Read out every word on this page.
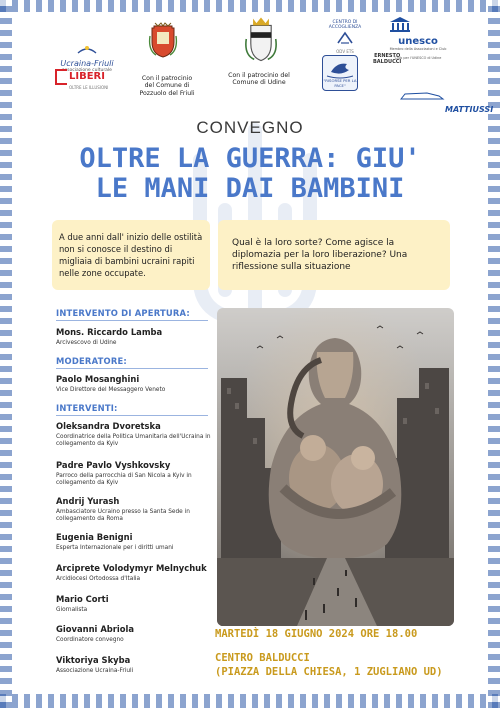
Ucraina-Friuli
associazione culturale
LIBERI
OLTRE LE ILLUSIONI
Con il patrocinio del Comune di Pozzuolo del Friuli
Con il patrocinio del Comune di Udine
CENTRO DI ACCOGLIENZA
ERNESTO BALDUCCI
ODV ETS
"RISORSE PER LA PACE"
unesco
Membro della Associazioni e Club
Club per l'UNESCO di Udine
MATTIUSSI
CONVEGNO
OLTRE LA GUERRA: GIU'
LE MANI DAI BAMBINI
A due anni dall' inizio delle ostilità non si conosce il destino di migliaia di bambini ucraini rapiti nelle zone occupate.
Qual è la loro sorte? Come agisce la diplomazia per la loro liberazione? Una riflessione sulla situazione
INTERVENTO DI APERTURA:
Mons. Riccardo Lamba
Arcivescovo di Udine
MODERATORE:
Paolo Mosanghini
Vice Direttore del Messaggero Veneto
INTERVENTI:
Oleksandra Dvoretska
Coordinatrice della Politica Umanitaria dell'Ucraina in collegamento da Kyiv
Padre Pavlo Vyshkovsky
Parroco della parrocchia di San Nicola a Kyiv in collegamento da Kyiv
Andrij Yurash
Ambasciatore Ucraino presso la Santa Sede in collegamento da Roma
Eugenia Benigni
Esperta Internazionale per i diritti umani
Arciprete Volodymyr Melnychuk
Arcidiocesi Ortodossa d'Italia
Mario Corti
Giornalista
Giovanni Abriola
Coordinatore convegno
Viktoriya Skyba
Associazione Ucraina-Friuli
MARTEDÌ 18 GIUGNO 2024 ORE 18.00
CENTRO BALDUCCI
(PIAZZA DELLA CHIESA, 1 ZUGLIANO UD)
